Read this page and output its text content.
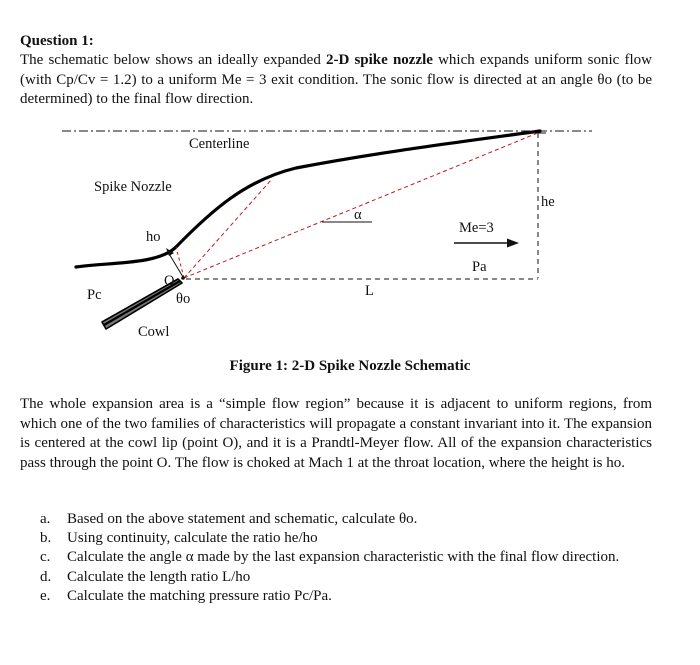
Question 1:
The schematic below shows an ideally expanded 2-D spike nozzle which expands uniform sonic flow (with Cp/Cv = 1.2) to a uniform Me = 3 exit condition. The sonic flow is directed at an angle θo (to be determined) to the final flow direction.
Centerline
Spike Nozzle
he
α
Me=3
ho
Pa
O
Pc	L
θo
Cowl
Figure 1: 2-D Spike Nozzle Schematic
The whole expansion area is a “simple flow region” because it is adjacent to uniform regions, from which one of the two families of characteristics will propagate a constant invariant into it. The expansion is centered at the cowl lip (point O), and it is a Prandtl-Meyer flow. All of the expansion characteristics pass through the point O. The flow is choked at Mach 1 at the throat location, where the height is ho.
a.	Based on the above statement and schematic, calculate θo.
b.	Using continuity, calculate the ratio he/ho
c.	Calculate the angle α made by the last expansion characteristic with the final flow direction.
d.	Calculate the length ratio L/ho
e.	Calculate the matching pressure ratio Pc/Pa.
